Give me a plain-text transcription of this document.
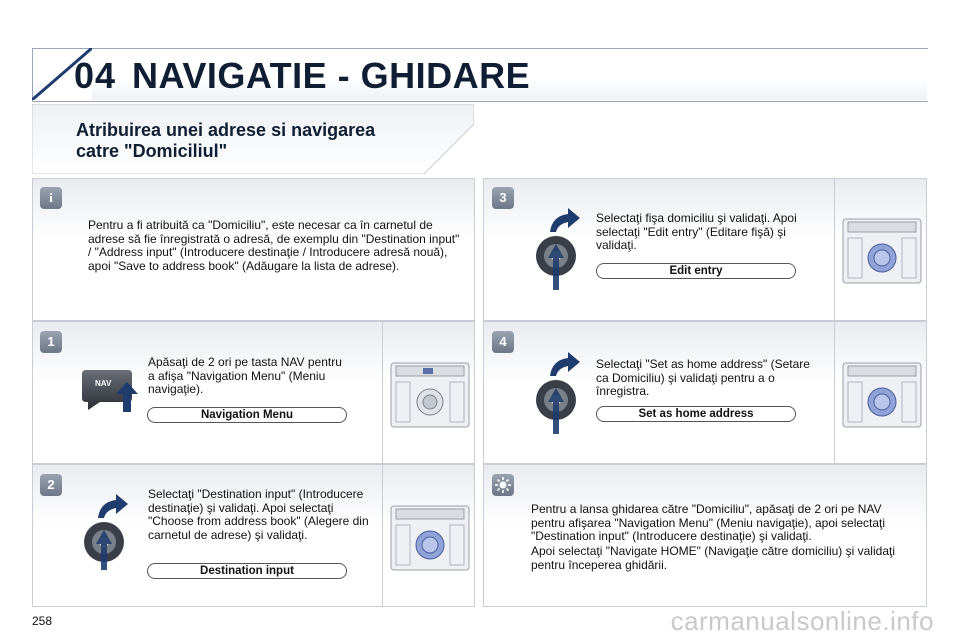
04 NAVIGATIE - GHIDARE
Atribuirea unei adrese si navigarea
catre "Domiciliul"
i
Pentru a fi atribuită ca "Domiciliu", este necesar ca în carnetul de adrese să fie înregistrată o adresă, de exemplu din "Destination input" / "Address input" (Introducere destinaţie / Introducere adresă nouă), apoi "Save to address book" (Adăugare la lista de adrese).
1
NAV
Apăsaţi de 2 ori pe tasta NAV pentru a afişa "Navigation Menu" (Meniu navigaţie).
Navigation Menu
2
Selectaţi "Destination input" (Introducere destinaţie) şi validaţi. Apoi selectaţi "Choose from address book" (Alegere din carnetul de adrese) şi validaţi.
Destination input
3
Selectaţi fişa domiciliu şi validaţi. Apoi selectaţi "Edit entry" (Editare fişă) şi validaţi.
Edit entry
4
Selectaţi "Set as home address" (Setare ca Domiciliu) şi validaţi pentru a o înregistra.
Set as home address
Pentru a lansa ghidarea către "Domiciliu", apăsaţi de 2 ori pe NAV pentru afişarea "Navigation Menu" (Meniu navigaţie), apoi selectaţi "Destination input" (Introducere destinaţie) şi validaţi.
Apoi selectaţi "Navigate HOME" (Navigaţie către domiciliu) şi validaţi pentru începerea ghidării.
258	carmanualsonline.info
